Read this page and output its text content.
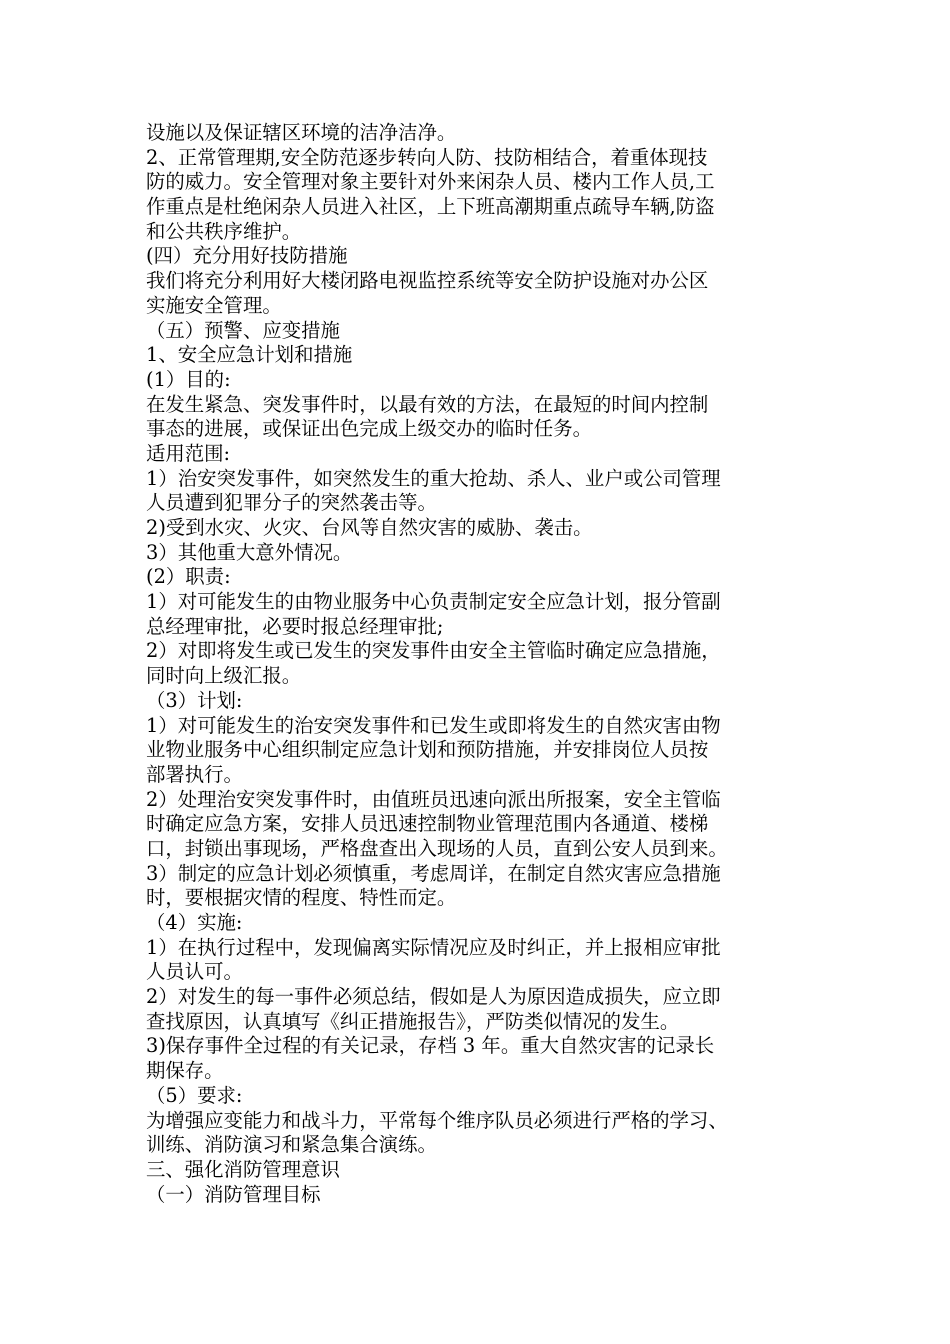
设施以及保证辖区环境的洁净洁净。
2、正常管理期,安全防范逐步转向人防、技防相结合，着重体现技
防的威力。安全管理对象主要针对外来闲杂人员、楼内工作人员,工
作重点是杜绝闲杂人员进入社区，上下班高潮期重点疏导车辆,防盗
和公共秩序维护。
(四）充分用好技防措施
我们将充分利用好大楼闭路电视监控系统等安全防护设施对办公区
实施安全管理。
（五）预警、应变措施
1、安全应急计划和措施
(1）目的:
在发生紧急、突发事件时，以最有效的方法，在最短的时间内控制
事态的进展，或保证出色完成上级交办的临时任务。
适用范围:
1）治安突发事件，如突然发生的重大抢劫、杀人、业户或公司管理
人员遭到犯罪分子的突然袭击等。
2)受到水灾、火灾、台风等自然灾害的威胁、袭击。
3）其他重大意外情况。
(2）职责:
1）对可能发生的由物业服务中心负责制定安全应急计划，报分管副
总经理审批，必要时报总经理审批;
2）对即将发生或已发生的突发事件由安全主管临时确定应急措施，
同时向上级汇报。
（3）计划:
1）对可能发生的治安突发事件和已发生或即将发生的自然灾害由物
业物业服务中心组织制定应急计划和预防措施，并安排岗位人员按
部署执行。
2）处理治安突发事件时，由值班员迅速向派出所报案，安全主管临
时确定应急方案，安排人员迅速控制物业管理范围内各通道、楼梯
口，封锁出事现场，严格盘查出入现场的人员，直到公安人员到来。
3）制定的应急计划必须慎重，考虑周详，在制定自然灾害应急措施
时，要根据灾情的程度、特性而定。
（4）实施:
1）在执行过程中，发现偏离实际情况应及时纠正，并上报相应审批
人员认可。
2）对发生的每一事件必须总结，假如是人为原因造成损失，应立即
查找原因，认真填写《纠正措施报告》，严防类似情况的发生。
3)保存事件全过程的有关记录，存档 3 年。重大自然灾害的记录长
期保存。
（5）要求:
为增强应变能力和战斗力，平常每个维序队员必须进行严格的学习、
训练、消防演习和紧急集合演练。
三、强化消防管理意识
（一）消防管理目标
